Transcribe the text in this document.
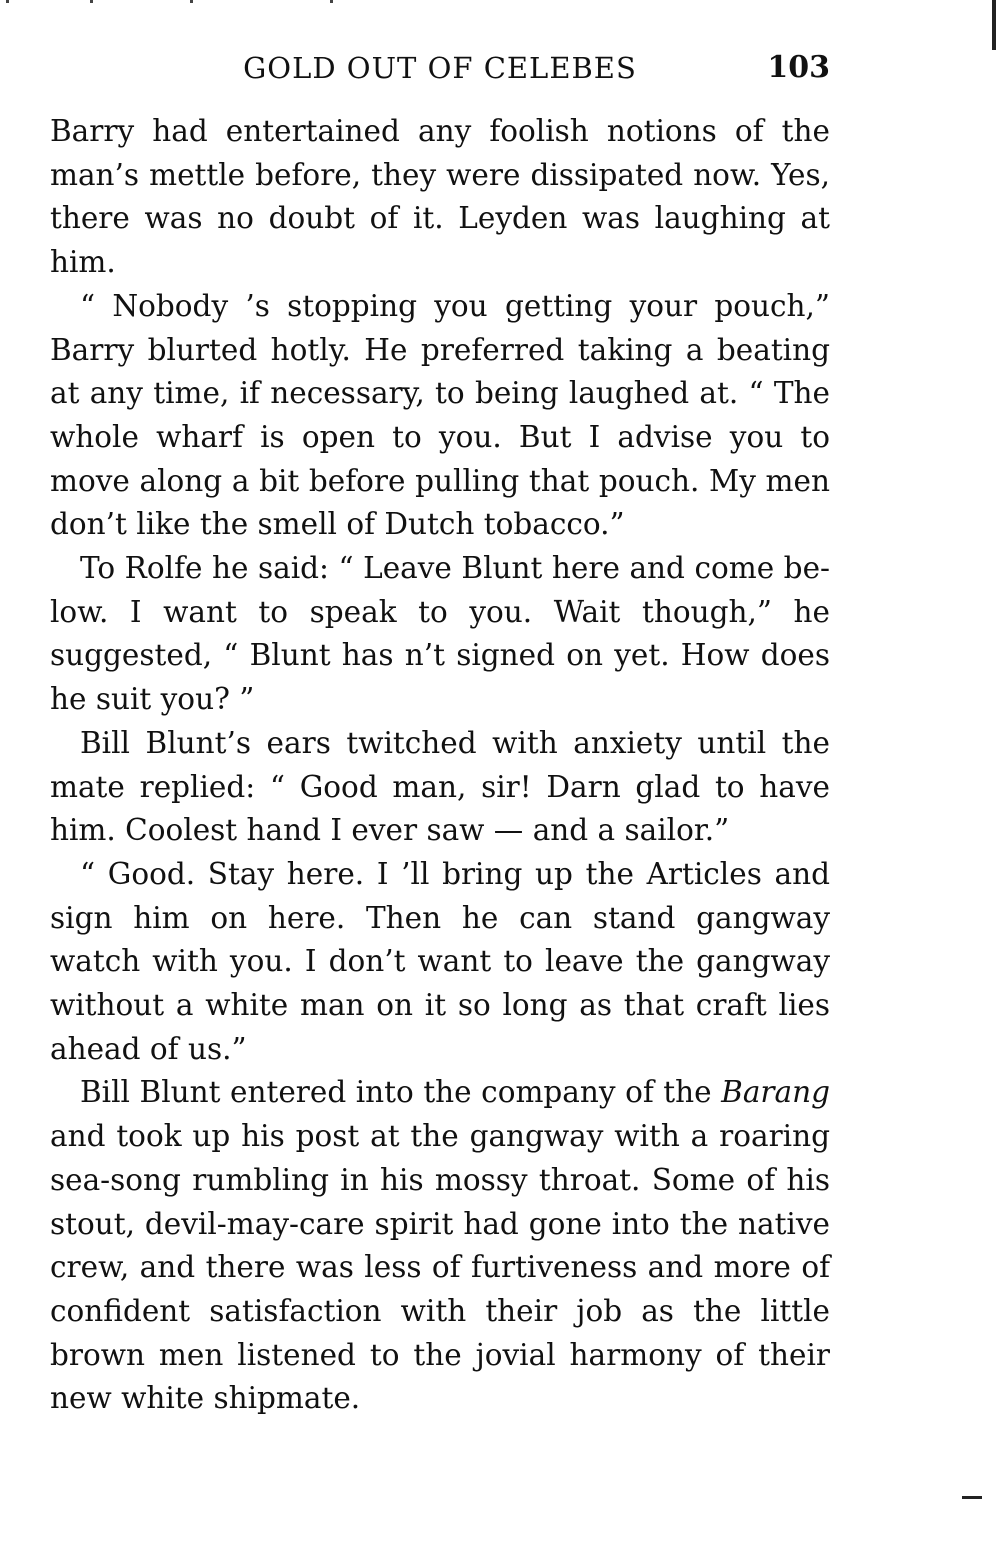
GOLD OUT OF CELEBES	103

Barry had entertained any foolish notions of the man’s mettle before, they were dissipated now. Yes, there was no doubt of it. Leyden was laughing at him.

“ Nobody ’s stopping you getting your pouch,” Barry blurted hotly. He preferred taking a beating at any time, if necessary, to being laughed at. “ The whole wharf is open to you. But I advise you to move along a bit before pulling that pouch. My men don’t like the smell of Dutch tobacco.”

To Rolfe he said: “ Leave Blunt here and come below. I want to speak to you. Wait though,” he suggested, “ Blunt has n’t signed on yet. How does he suit you? ”

Bill Blunt’s ears twitched with anxiety until the mate replied: “ Good man, sir! Darn glad to have him. Coolest hand I ever saw — and a sailor.”

“ Good. Stay here. I ’ll bring up the Articles and sign him on here. Then he can stand gangway watch with you. I don’t want to leave the gangway without a white man on it so long as that craft lies ahead of us.”

Bill Blunt entered into the company of the Barang and took up his post at the gangway with a roaring sea-song rumbling in his mossy throat. Some of his stout, devil-may-care spirit had gone into the native crew, and there was less of furtiveness and more of confident satisfaction with their job as the little brown men listened to the jovial harmony of their new white shipmate.
